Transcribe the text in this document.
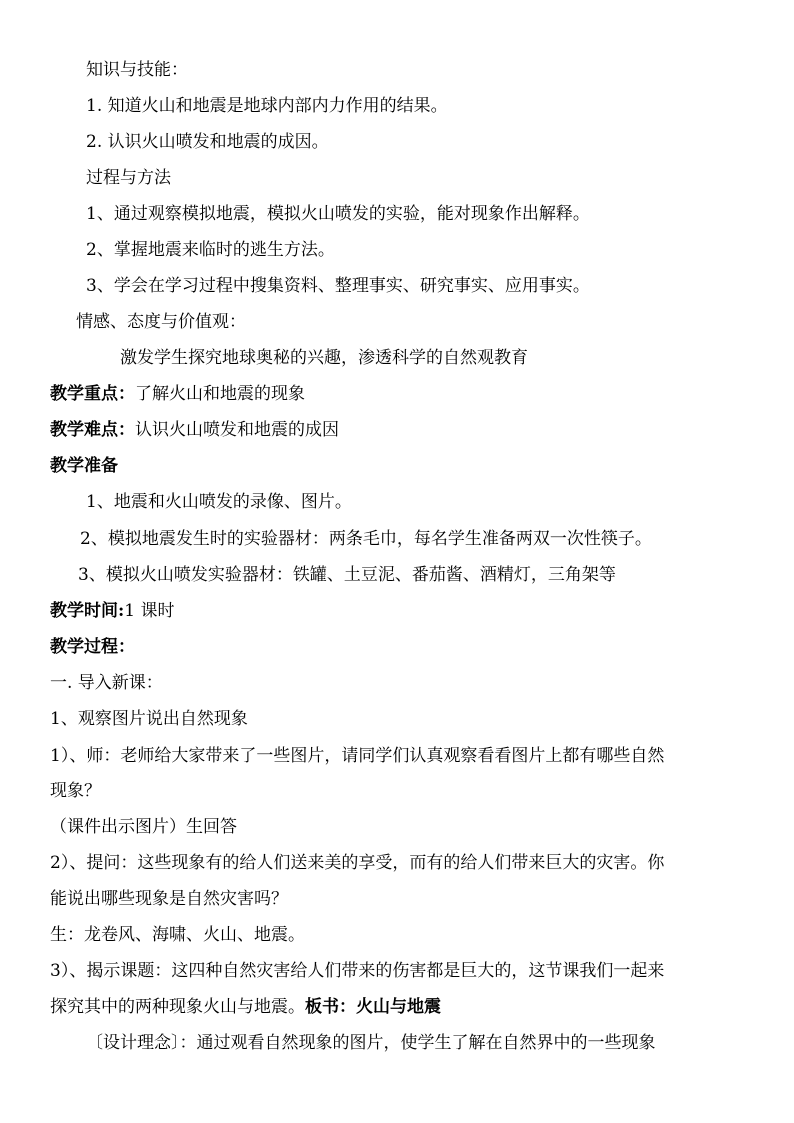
知识与技能：
1. 知道火山和地震是地球内部内力作用的结果。
2. 认识火山喷发和地震的成因。
过程与方法
1、通过观察模拟地震，模拟火山喷发的实验，能对现象作出解释。
2、掌握地震来临时的逃生方法。
3、学会在学习过程中搜集资料、整理事实、研究事实、应用事实。
情感、态度与价值观：
激发学生探究地球奥秘的兴趣，渗透科学的自然观教育
教学重点：了解火山和地震的现象
教学难点：认识火山喷发和地震的成因
教学准备
1、地震和火山喷发的录像、图片。
2、模拟地震发生时的实验器材：两条毛巾，每名学生准备两双一次性筷子。
3、模拟火山喷发实验器材：铁罐、土豆泥、番茄酱、酒精灯，三角架等
教学时间:1 课时
教学过程：
一. 导入新课：
1、观察图片说出自然现象
1）、师：老师给大家带来了一些图片，请同学们认真观察看看图片上都有哪些自然
现象？
（课件出示图片）生回答
2）、提问：这些现象有的给人们送来美的享受，而有的给人们带来巨大的灾害。你
能说出哪些现象是自然灾害吗？
生：龙卷风、海啸、火山、地震。
3）、揭示课题：这四种自然灾害给人们带来的伤害都是巨大的，这节课我们一起来
探究其中的两种现象火山与地震。板书：火山与地震
〔设计理念〕：通过观看自然现象的图片，使学生了解在自然界中的一些现象
